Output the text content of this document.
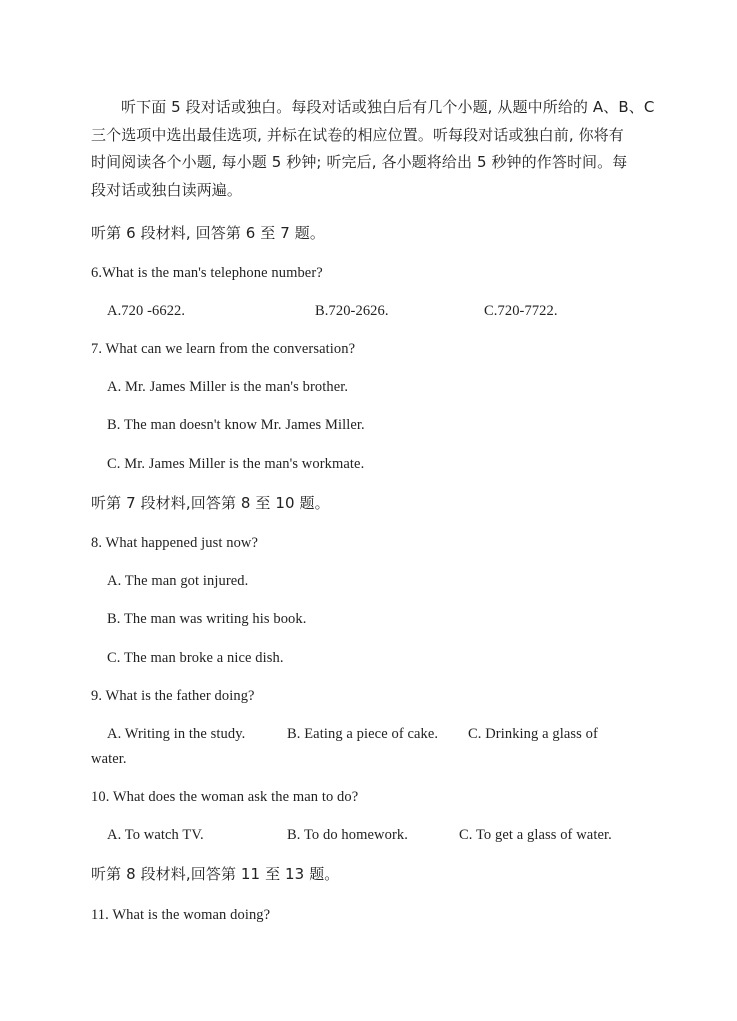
听下面 5 段对话或独白。每段对话或独白后有几个小题, 从题中所给的 A、B、C
三个选项中选出最佳选项, 并标在试卷的相应位置。听每段对话或独白前, 你将有
时间阅读各个小题, 每小题 5 秒钟; 听完后, 各小题将给出 5 秒钟的作答时间。每
段对话或独白读两遍。
听第 6 段材料, 回答第 6 至 7 题。
6.What is the man's telephone number?
A.720 -6622.	B.720-2626.	C.720-7722.
7. What can we learn from the conversation?
A. Mr. James Miller is the man's brother.
B. The man doesn't know Mr. James Miller.
C. Mr. James Miller is the man's workmate.
听第 7 段材料,回答第 8 至 10 题。
8. What happened just now?
A. The man got injured.
B. The man was writing his book.
C. The man broke a nice dish.
9. What is the father doing?
A. Writing in the study.	B. Eating a piece of cake. C. Drinking a glass of
water.
10. What does the woman ask the man to do?
A. To watch TV.	B. To do homework.	C. To get a glass of water.
听第 8 段材料,回答第 11 至 13 题。
11. What is the woman doing?
